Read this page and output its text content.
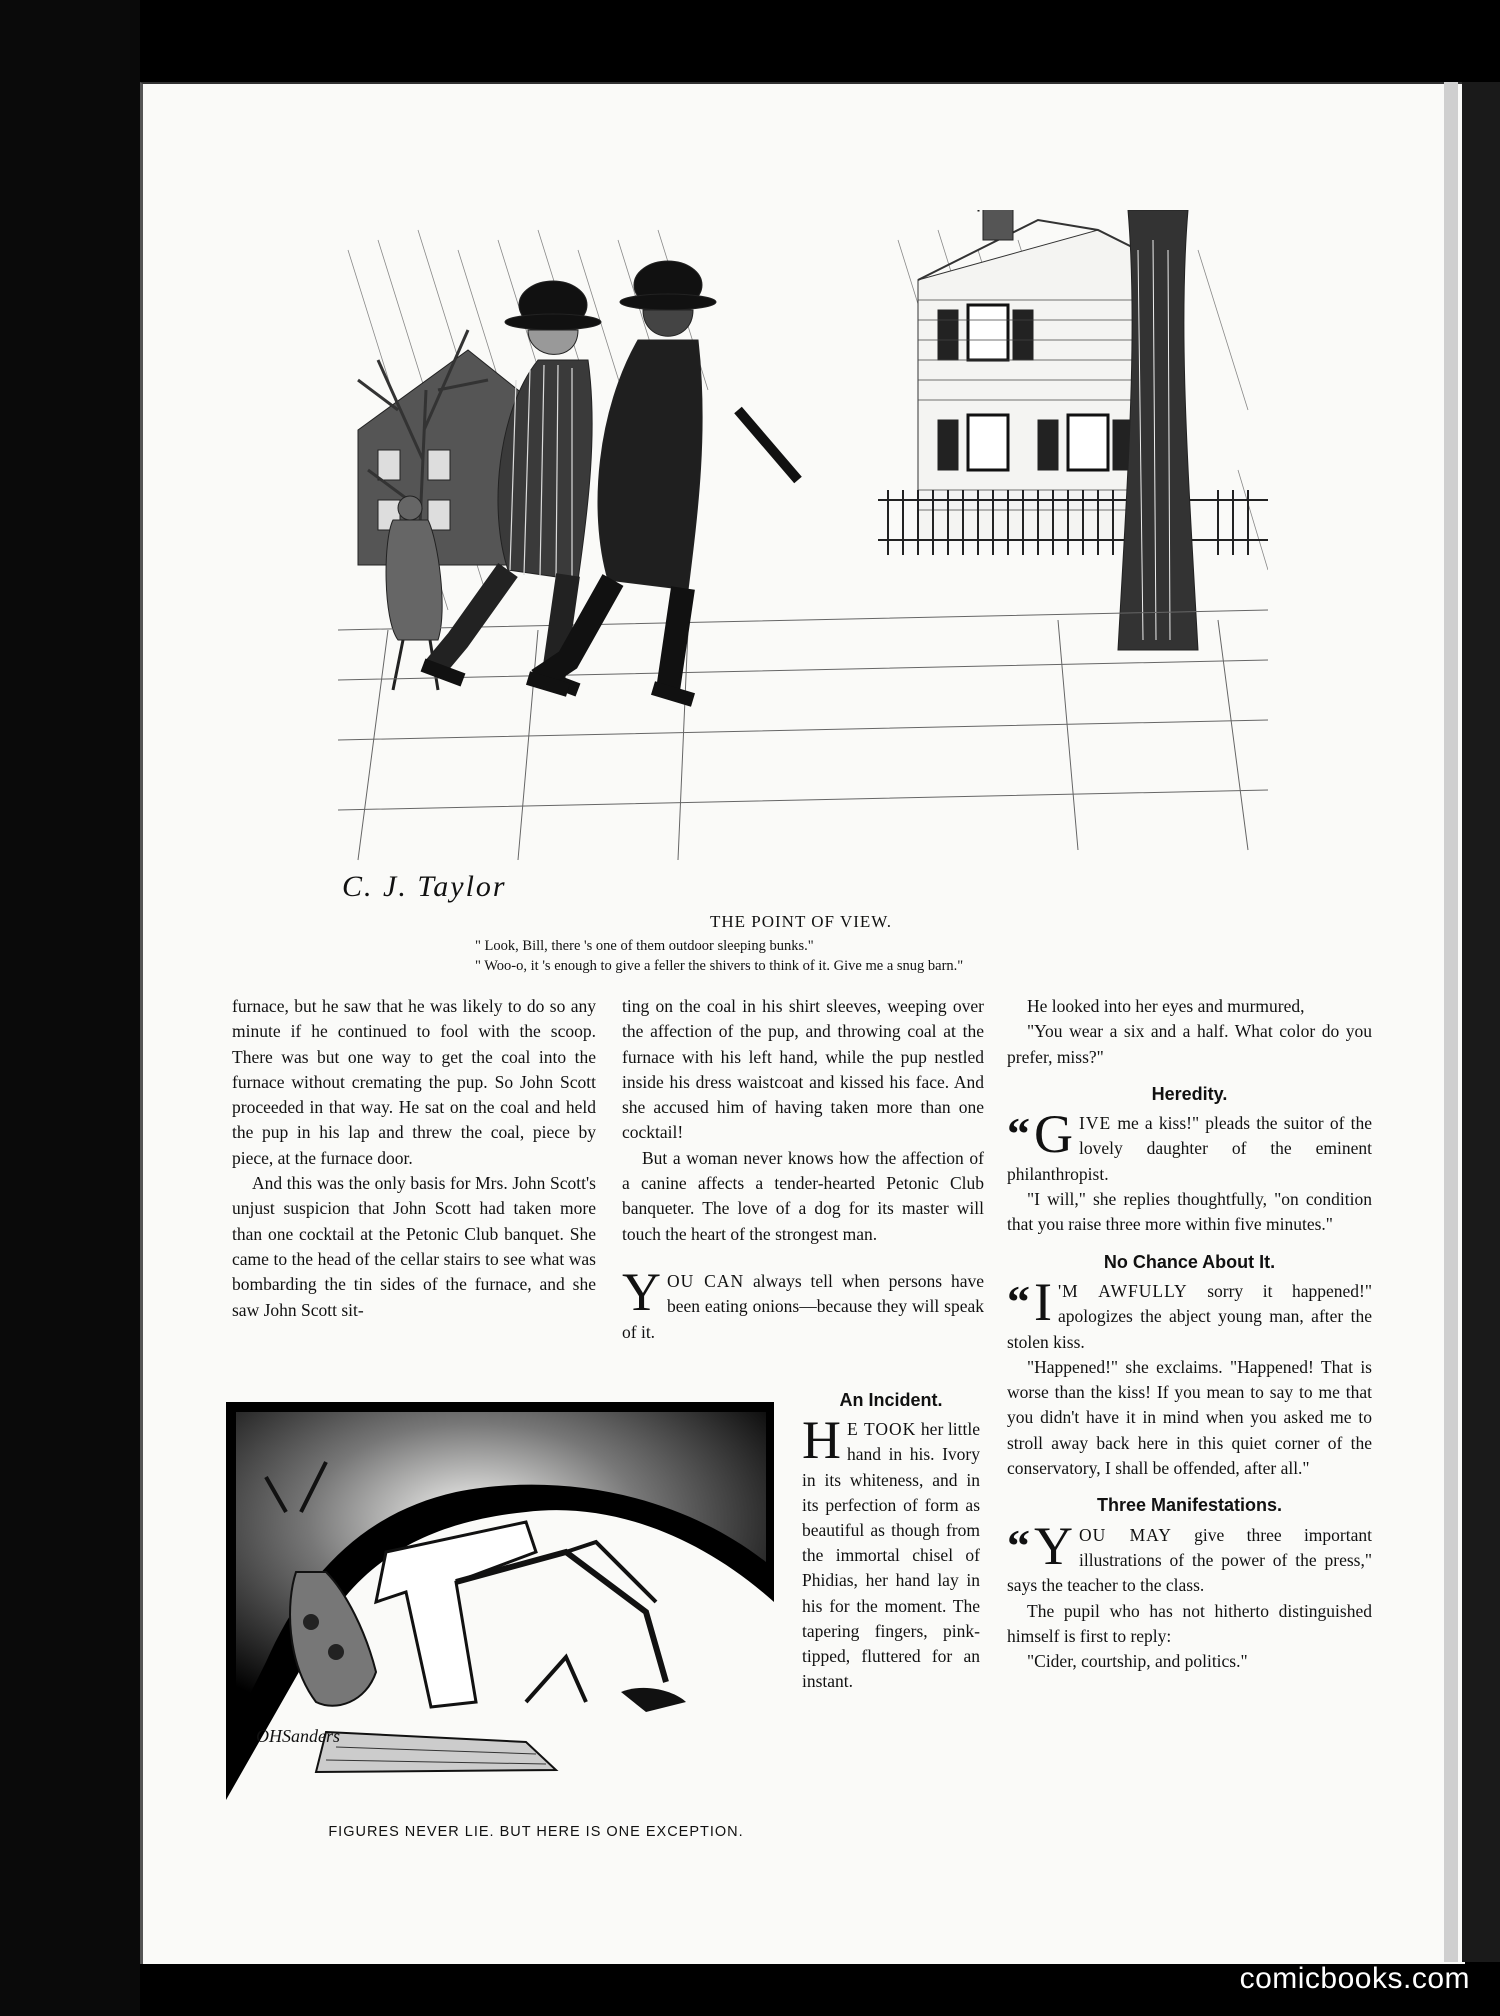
C. J. Taylor
THE POINT OF VIEW.
" Look, Bill, there 's one of them outdoor sleeping bunks."
" Woo-o, it 's enough to give a feller the shivers to think of it. Give me a snug barn."

furnace, but he saw that he was likely to do so any minute if he continued to fool with the scoop. There was but one way to get the coal into the furnace without cremating the pup. So John Scott proceeded in that way. He sat on the coal and held the pup in his lap and threw the coal, piece by piece, at the furnace door.

And this was the only basis for Mrs. John Scott's unjust suspicion that John Scott had taken more than one cocktail at the Petonic Club banquet. She came to the head of the cellar stairs to see what was bombarding the tin sides of the furnace, and she saw John Scott sit-

ting on the coal in his shirt sleeves, weeping over the affection of the pup, and throwing coal at the furnace with his left hand, while the pup nestled inside his dress waistcoat and kissed his face. And she accused him of having taken more than one cocktail!

But a woman never knows how the affection of a canine affects a tender-hearted Petonic Club banqueter. The love of a dog for its master will touch the heart of the strongest man.

YOU CAN always tell when persons have been eating onions—because they will speak of it.

An Incident.

H E TOOK her little hand in his. Ivory in its whiteness, and in its perfection of form as beautiful as though from the immortal chisel of Phidias, her hand lay in his for the moment. The tapering fingers, pink-tipped, fluttered for an instant.

He looked into her eyes and murmured,

"You wear a six and a half. What color do you prefer, miss?"

Heredity.

“ G IVE me a kiss!" pleads the suitor of the lovely daughter of the eminent philanthropist.

"I will," she replies thoughtfully, "on condition that you raise three more within five minutes."

No Chance About It.

“ I 'M AWFULLY sorry it happened!" apologizes the abject young man, after the stolen kiss.

"Happened!" she exclaims. "Happened! That is worse than the kiss! If you mean to say to me that you didn't have it in mind when you asked me to stroll away back here in this quiet corner of the conservatory, I shall be offended, after all."

Three Manifestations.

“ Y OU MAY give three important illustrations of the power of the press," says the teacher to the class.

The pupil who has not hitherto distinguished himself is first to reply:

"Cider, courtship, and politics."

OHSanders
FIGURES NEVER LIE. BUT HERE IS ONE EXCEPTION.
comicbooks.com
